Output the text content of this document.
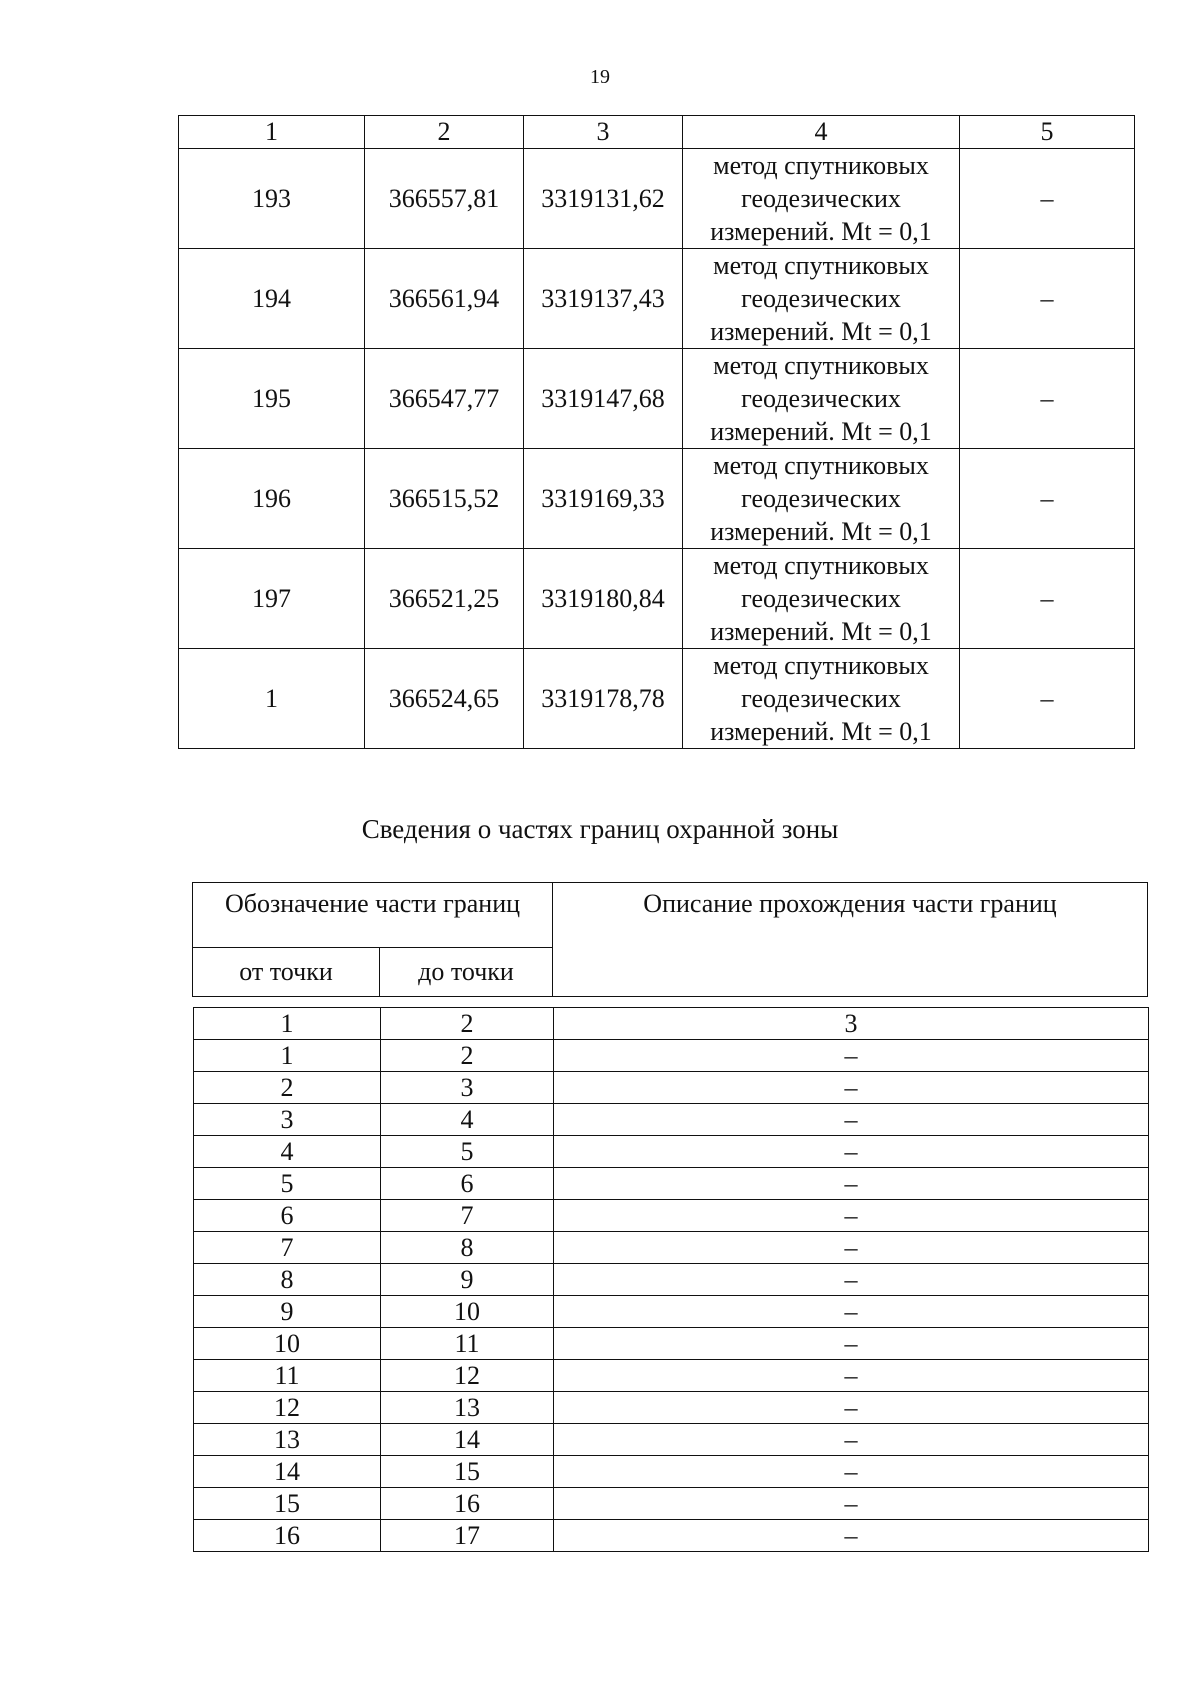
19
1	2	3	4	5
193	366557,81	3319131,62	метод спутниковых
геодезических
измерений. Mt = 0,1	–
194	366561,94	3319137,43	метод спутниковых
геодезических
измерений. Mt = 0,1	–
195	366547,77	3319147,68	метод спутниковых
геодезических
измерений. Mt = 0,1	–
196	366515,52	3319169,33	метод спутниковых
геодезических
измерений. Mt = 0,1	–
197	366521,25	3319180,84	метод спутниковых
геодезических
измерений. Mt = 0,1	–
1	366524,65	3319178,78	метод спутниковых
геодезических
измерений. Mt = 0,1	–
Сведения о частях границ охранной зоны
Обозначение части границ		Описание прохождения части границ
от точки	до точки	
1	2	3
1	2	–
2	3	–
3	4	–
4	5	–
5	6	–
6	7	–
7	8	–
8	9	–
9	10	–
10	11	–
11	12	–
12	13	–
13	14	–
14	15	–
15	16	–
16	17	–
